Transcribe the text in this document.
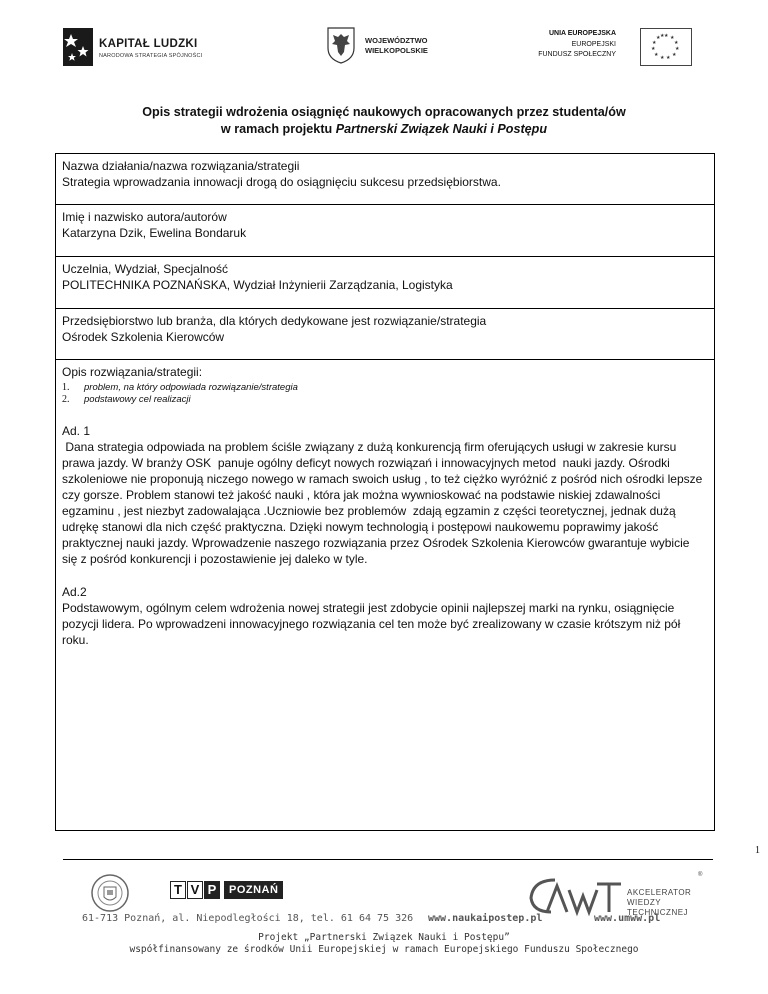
KAPITAŁ LUDZKI
NARODOWA STRATEGIA SPÓJNOŚCI
WOJEWÓDZTWO
WIELKOPOLSKIE
UNIA EUROPEJSKA
EUROPEJSKI
FUNDUSZ SPOŁECZNY
★ ★
★
★
★
★
★
★
★
★
★ ★
Opis strategii wdrożenia osiągnięć naukowych opracowanych przez studenta/ów
w ramach projektu Partnerski Związek Nauki i Postępu
Nazwa działania/nazwa rozwiązania/strategii
Strategia wprowadzania innowacji drogą do osiągnięciu sukcesu przedsiębiorstwa.
Imię i nazwisko autora/autorów
Katarzyna Dzik, Ewelina Bondaruk
Uczelnia, Wydział, Specjalność
POLITECHNIKA POZNAŃSKA, Wydział Inżynierii Zarządzania, Logistyka
Przedsiębiorstwo lub branża, dla których dedykowane jest rozwiązanie/strategia
Ośrodek Szkolenia Kierowców
Opis rozwiązania/strategii:
1. problem, na który odpowiada rozwiązanie/strategia
2. podstawowy cel realizacji

Ad. 1

Dana strategia odpowiada na problem ściśle związany z dużą konkurencją firm oferujących usługi w zakresie kursu prawa jazdy. W branży OSK  panuje ogólny deficyt nowych rozwiązań i innowacyjnych metod  nauki jazdy. Ośrodki szkoleniowe nie proponują niczego nowego w ramach swoich usług , to też ciężko wyróżnić z pośród nich ośrodki lepsze czy gorsze. Problem stanowi też jakość nauki , która jak można wywnioskować na podstawie niskiej zdawalności egzaminu , jest niezbyt zadowalająca .Uczniowie bez problemów  zdają egzamin z części teoretycznej, jednak dużą udrękę stanowi dla nich część praktyczna. Dzięki nowym technologią i postępowi naukowemu poprawimy jakość praktycznej nauki jazdy. Wprowadzenie naszego rozwiązania przez Ośrodek Szkolenia Kierowców gwarantuje wybicie się z pośród konkurencji i pozostawienie jej daleko w tyle.

Ad.2

Podstawowym, ogólnym celem wdrożenia nowej strategii jest zdobycie opinii najlepszej marki na rynku, osiągnięcie pozycji lidera. Po wprowadzeni innowacyjnego rozwiązania cel ten może być zrealizowany w czasie krótszym niż pół roku.

1
T V P	POZNAŃ	AKCELERATOR
WIEDZY
TECHNICZNEJ
®
61-713 Poznań, al. Niepodległości 18, tel. 61 64 75 326 www.naukaipostep.pl	www.umww.pl
Projekt „Partnerski Związek Nauki i Postępu”
współfinansowany ze środków Unii Europejskiej w ramach Europejskiego Funduszu Społecznego
